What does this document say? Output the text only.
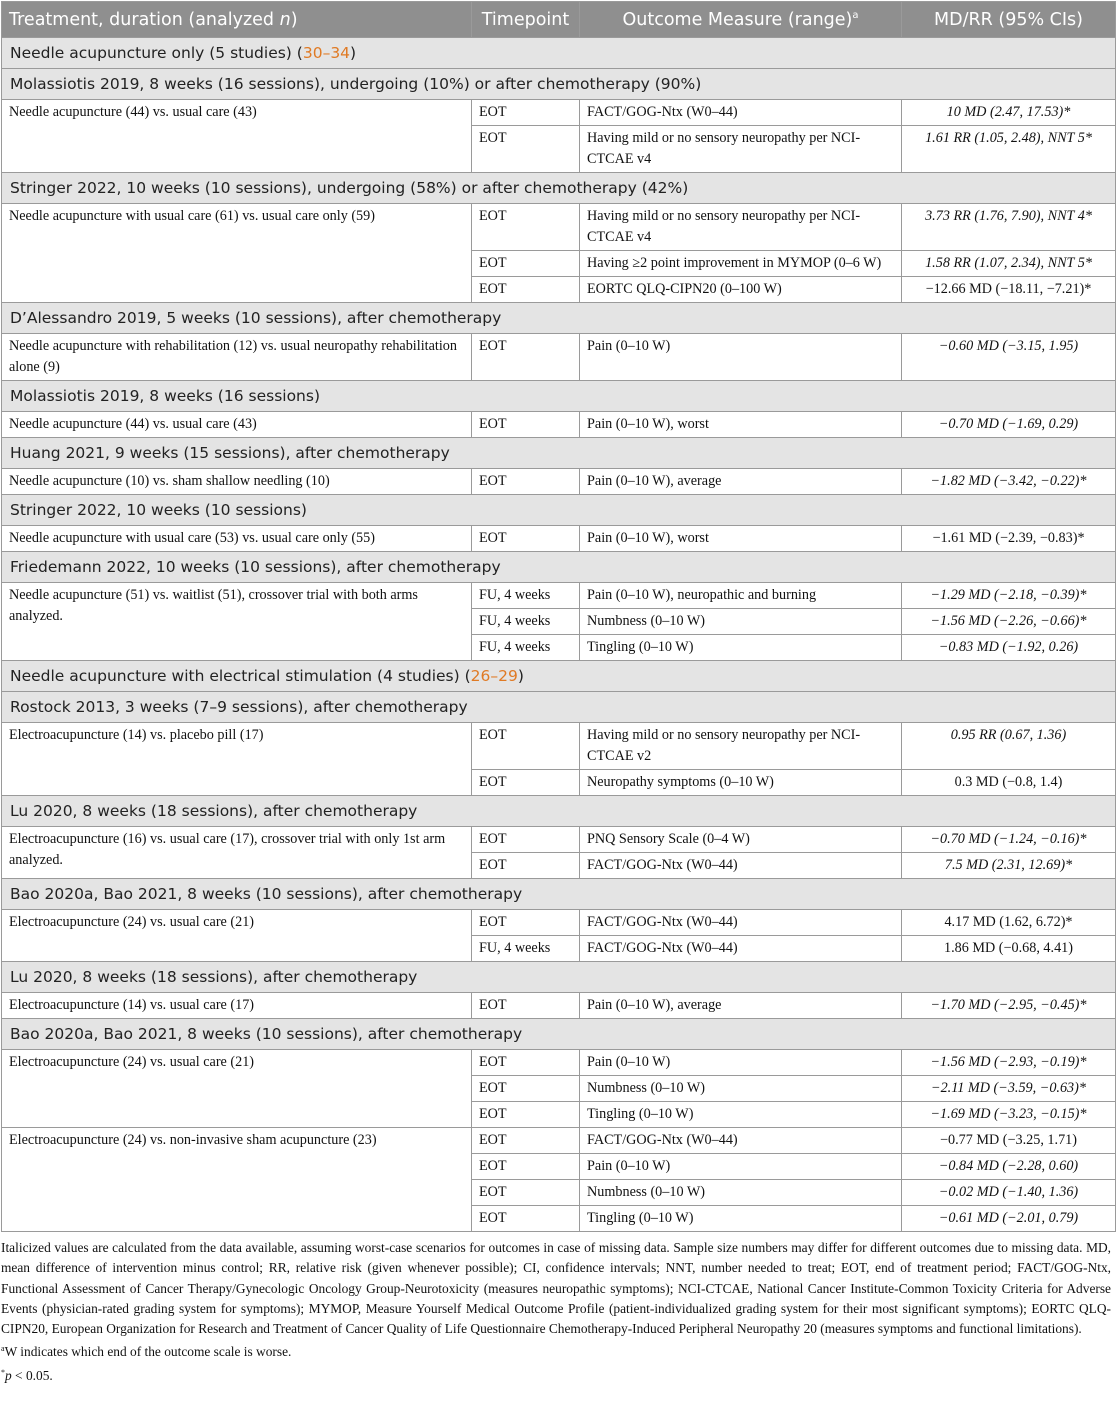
Treatment, duration (analyzed n)	Timepoint	Outcome Measure (range)$^a$	MD/RR (95% CIs)
Needle acupuncture only (5 studies) (30–34)			
Molassiotis 2019, 8 weeks (16 sessions), undergoing (10%) or after chemotherapy (90%)			
Needle acupuncture (44) vs. usual care (43)	EOT	FACT/GOG-Ntx (W0–44)	10 MD (2.47, 17.53)*
	EOT	Having mild or no sensory neuropathy per NCI-CTCAE v4	1.61 RR (1.05, 2.48), NNT 5*
Stringer 2022, 10 weeks (10 sessions), undergoing (58%) or after chemotherapy (42%)			
Needle acupuncture with usual care (61) vs. usual care only (59)	EOT	Having mild or no sensory neuropathy per NCI-CTCAE v4	3.73 RR (1.76, 7.90), NNT 4*
	EOT	Having ≥2 point improvement in MYMOP (0–6 W)	1.58 RR (1.07, 2.34), NNT 5*
	EOT	EORTC QLQ-CIPN20 (0–100 W)	−12.66 MD (−18.11, −7.21)*
D’Alessandro 2019, 5 weeks (10 sessions), after chemotherapy			
Needle acupuncture with rehabilitation (12) vs. usual neuropathy rehabilitation alone (9)	EOT	Pain (0–10 W)	−0.60 MD (−3.15, 1.95)
Molassiotis 2019, 8 weeks (16 sessions)			
Needle acupuncture (44) vs. usual care (43)	EOT	Pain (0–10 W), worst	−0.70 MD (−1.69, 0.29)
Huang 2021, 9 weeks (15 sessions), after chemotherapy			
Needle acupuncture (10) vs. sham shallow needling (10)	EOT	Pain (0–10 W), average	−1.82 MD (−3.42, −0.22)*
Stringer 2022, 10 weeks (10 sessions)			
Needle acupuncture with usual care (53) vs. usual care only (55)	EOT	Pain (0–10 W), worst	−1.61 MD (−2.39, −0.83)*
Friedemann 2022, 10 weeks (10 sessions), after chemotherapy			
Needle acupuncture (51) vs. waitlist (51), crossover trial with both arms analyzed.	FU, 4 weeks	Pain (0–10 W), neuropathic and burning	−1.29 MD (−2.18, −0.39)*
	FU, 4 weeks	Numbness (0–10 W)	−1.56 MD (−2.26, −0.66)*
	FU, 4 weeks	Tingling (0–10 W)	−0.83 MD (−1.92, 0.26)
Needle acupuncture with electrical stimulation (4 studies) (26–29)			
Rostock 2013, 3 weeks (7–9 sessions), after chemotherapy			
Electroacupuncture (14) vs. placebo pill (17)	EOT	Having mild or no sensory neuropathy per NCI-CTCAE v2	0.95 RR (0.67, 1.36)
	EOT	Neuropathy symptoms (0–10 W)	0.3 MD (−0.8, 1.4)
Lu 2020, 8 weeks (18 sessions), after chemotherapy			
Electroacupuncture (16) vs. usual care (17), crossover trial with only 1st arm analyzed.	EOT	PNQ Sensory Scale (0–4 W)	−0.70 MD (−1.24, −0.16)*
	EOT	FACT/GOG-Ntx (W0–44)	7.5 MD (2.31, 12.69)*
Bao 2020a, Bao 2021, 8 weeks (10 sessions), after chemotherapy			
Electroacupuncture (24) vs. usual care (21)	EOT	FACT/GOG-Ntx (W0–44)	4.17 MD (1.62, 6.72)*
	FU, 4 weeks	FACT/GOG-Ntx (W0–44)	1.86 MD (−0.68, 4.41)
Lu 2020, 8 weeks (18 sessions), after chemotherapy			
Electroacupuncture (14) vs. usual care (17)	EOT	Pain (0–10 W), average	−1.70 MD (−2.95, −0.45)*
Bao 2020a, Bao 2021, 8 weeks (10 sessions), after chemotherapy			
Electroacupuncture (24) vs. usual care (21)	EOT	Pain (0–10 W)	−1.56 MD (−2.93, −0.19)*
	EOT	Numbness (0–10 W)	−2.11 MD (−3.59, −0.63)*
	EOT	Tingling (0–10 W)	−1.69 MD (−3.23, −0.15)*
Electroacupuncture (24) vs. non-invasive sham acupuncture (23)	EOT	FACT/GOG-Ntx (W0–44)	−0.77 MD (−3.25, 1.71)
	EOT	Pain (0–10 W)	−0.84 MD (−2.28, 0.60)
	EOT	Numbness (0–10 W)	−0.02 MD (−1.40, 1.36)
	EOT	Tingling (0–10 W)	−0.61 MD (−2.01, 0.79)

Italicized values are calculated from the data available, assuming worst-case scenarios for outcomes in case of missing data. Sample size numbers may differ for different outcomes due to missing data. MD, mean difference of intervention minus control; RR, relative risk (given whenever possible); CI, confidence intervals; NNT, number needed to treat; EOT, end of treatment period; FACT/GOG-Ntx, Functional Assessment of Cancer Therapy/Gynecologic Oncology Group-Neurotoxicity (measures neuropathic symptoms); NCI-CTCAE, National Cancer Institute-Common Toxicity Criteria for Adverse Events (physician-rated grading system for symptoms); MYMOP, Measure Yourself Medical Outcome Profile (patient-individualized grading system for their most significant symptoms); EORTC QLQ-CIPN20, European Organization for Research and Treatment of Cancer Quality of Life Questionnaire Chemotherapy-Induced Peripheral Neuropathy 20 (measures symptoms and functional limitations).

$^a$W indicates which end of the outcome scale is worse.

*p < 0.05.
